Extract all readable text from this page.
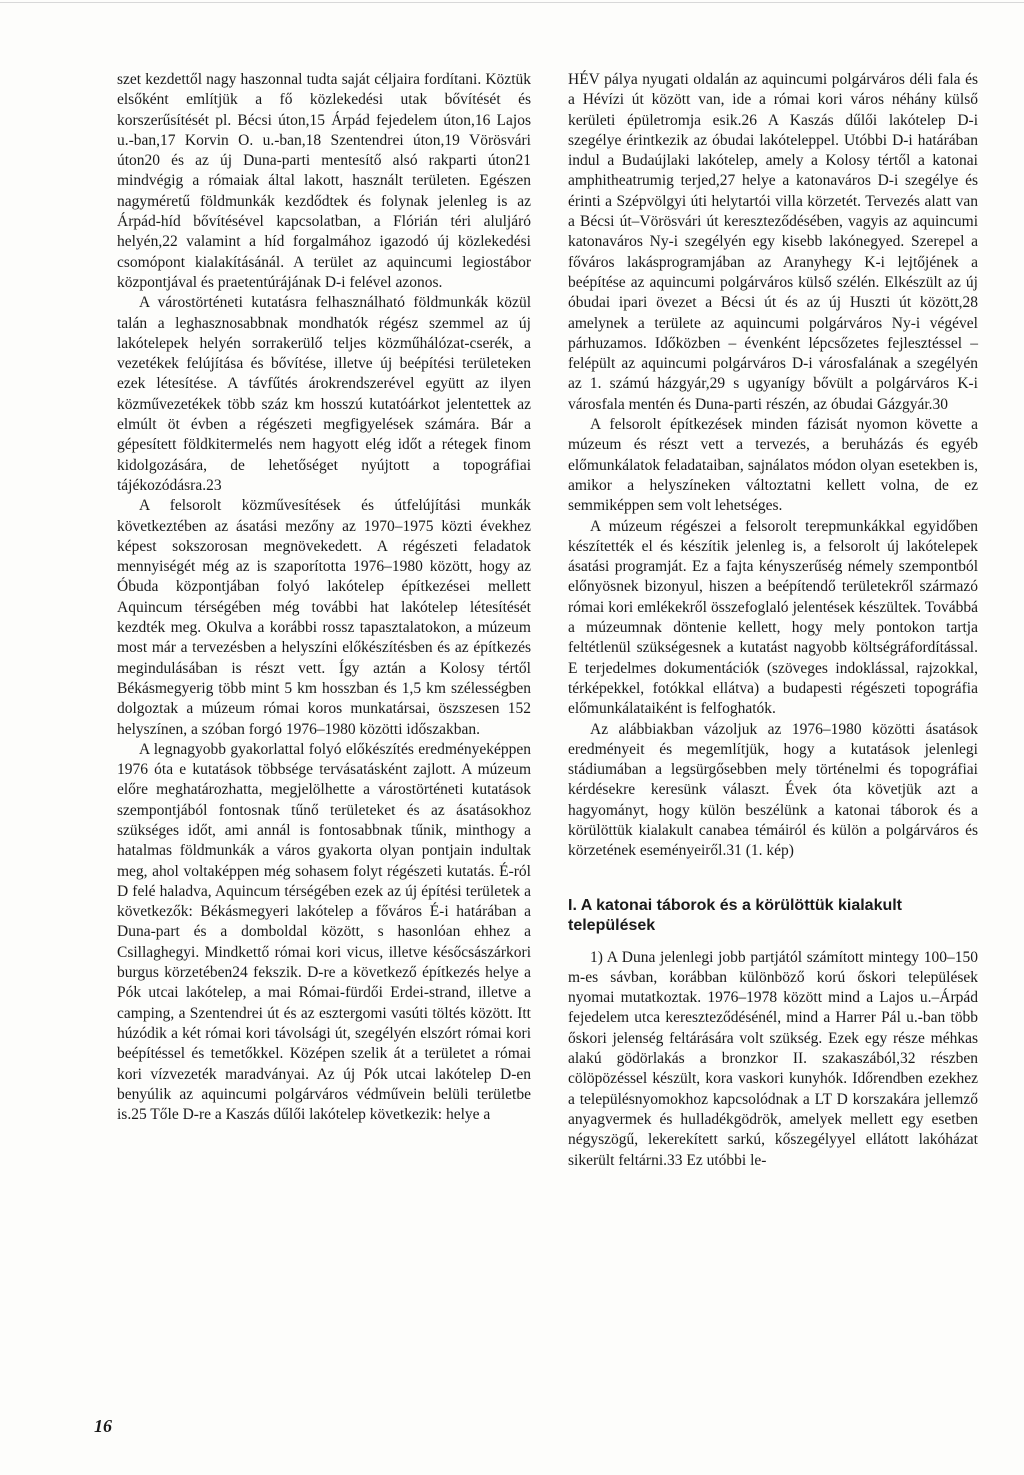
szet kezdettől nagy haszonnal tudta saját céljaira fordítani. Köztük elsőként említjük a fő közlekedési utak bővítését és korszerűsítését pl. Bécsi úton,15 Árpád fejedelem úton,16 Lajos u.-ban,17 Korvin O. u.-ban,18 Szentendrei úton,19 Vörösvári úton20 és az új Duna-parti mentesítő alsó rakparti úton21 mindvégig a rómaiak által lakott, használt területen. Egészen nagyméretű földmunkák kezdődtek és folynak jelenleg is az Árpád-híd bővítésével kapcsolatban, a Flórián téri aluljáró helyén,22 valamint a híd forgalmához igazodó új közlekedési csomópont kialakításánál. A terület az aquincumi legiostábor központjával és praetentúrájának D-i felével azonos.

A várostörténeti kutatásra felhasználható földmunkák közül talán a leghasznosabbnak mondhatók régész szemmel az új lakótelepek helyén sorrakerülő teljes közműhálózat-cserék, a vezetékek felújítása és bővítése, illetve új beépítési területeken ezek létesítése. A távfűtés árokrendszerével együtt az ilyen közművezetékek több száz km hosszú kutatóárkot jelentettek az elmúlt öt évben a régészeti megfigyelések számára. Bár a gépesített földkitermelés nem hagyott elég időt a rétegek finom kidolgozására, de lehetőséget nyújtott a topográfiai tájékozódásra.23

A felsorolt közművesítések és útfelújítási munkák következtében az ásatási mezőny az 1970–1975 közti évekhez képest sokszorosan megnövekedett. A régészeti feladatok mennyiségét még az is szaporította 1976–1980 között, hogy az Óbuda központjában folyó lakótelep építkezései mellett Aquincum térségében még további hat lakótelep létesítését kezdték meg. Okulva a korábbi rossz tapasztalatokon, a múzeum most már a tervezésben a helyszíni előkészítésben és az építkezés megindulásában is részt vett. Így aztán a Kolosy tértől Békásmegyerig több mint 5 km hosszban és 1,5 km szélességben dolgoztak a múzeum római koros munkatársai, öszszesen 152 helyszínen, a szóban forgó 1976–1980 közötti időszakban.

A legnagyobb gyakorlattal folyó előkészítés eredményeképpen 1976 óta e kutatások többsége tervásatásként zajlott. A múzeum előre meghatározhatta, megjelölhette a várostörténeti kutatások szempontjából fontosnak tűnő területeket és az ásatásokhoz szükséges időt, ami annál is fontosabbnak tűnik, minthogy a hatalmas földmunkák a város gyakorta olyan pontjain indultak meg, ahol voltaképpen még sohasem folyt régészeti kutatás. É-ról D felé haladva, Aquincum térségében ezek az új építési területek a következők: Békásmegyeri lakótelep a főváros É-i határában a Duna-part és a domboldal között, s hasonlóan ehhez a Csillaghegyi. Mindkettő római kori vicus, illetve későcsászárkori burgus körzetében24 fekszik. D-re a következő építkezés helye a Pók utcai lakótelep, a mai Római-fürdői Erdei-strand, illetve a camping, a Szentendrei út és az esztergomi vasúti töltés között. Itt húzódik a két római kori távolsági út, szegélyén elszórt római kori beépítéssel és temetőkkel. Középen szelik át a területet a római kori vízvezeték maradványai. Az új Pók utcai lakótelep D-en benyúlik az aquincumi polgárváros védművein belüli területbe is.25 Tőle D-re a Kaszás dűlői lakótelep következik: helye a

HÉV pálya nyugati oldalán az aquincumi polgárváros déli fala és a Hévízi út között van, ide a római kori város néhány külső kerületi épületromja esik.26 A Kaszás dűlői lakótelep D-i szegélye érintkezik az óbudai lakóteleppel. Utóbbi D-i határában indul a Budaújlaki lakótelep, amely a Kolosy tértől a katonai amphitheatrumig terjed,27 helye a katonaváros D-i szegélye és érinti a Szépvölgyi úti helytartói villa körzetét. Tervezés alatt van a Bécsi út–Vörösvári út kereszteződésében, vagyis az aquincumi katonaváros Ny-i szegélyén egy kisebb lakónegyed. Szerepel a főváros lakásprogramjában az Aranyhegy K-i lejtőjének a beépítése az aquincumi polgárváros külső szélén. Elkészült az új óbudai ipari övezet a Bécsi út és az új Huszti út között,28 amelynek a területe az aquincumi polgárváros Ny-i végével párhuzamos. Időközben – évenként lépcsőzetes fejlesztéssel – felépült az aquincumi polgárváros D-i városfalának a szegélyén az 1. számú házgyár,29 s ugyanígy bővült a polgárváros K-i városfala mentén és Duna-parti részén, az óbudai Gázgyár.30

A felsorolt építkezések minden fázisát nyomon követte a múzeum és részt vett a tervezés, a beruházás és egyéb előmunkálatok feladataiban, sajnálatos módon olyan esetekben is, amikor a helyszíneken változtatni kellett volna, de ez semmiképpen sem volt lehetséges.

A múzeum régészei a felsorolt terepmunkákkal egyidőben készítették el és készítik jelenleg is, a felsorolt új lakótelepek ásatási programját. Ez a fajta kényszerűség némely szempontból előnyösnek bizonyul, hiszen a beépítendő területekről származó római kori emlékekről összefoglaló jelentések készültek. Továbbá a múzeumnak döntenie kellett, hogy mely pontokon tartja feltétlenül szükségesnek a kutatást nagyobb költségráfordítással. E terjedelmes dokumentációk (szöveges indoklással, rajzokkal, térképekkel, fotókkal ellátva) a budapesti régészeti topográfia előmunkálataiként is felfoghatók.

Az alábbiakban vázoljuk az 1976–1980 közötti ásatások eredményeit és megemlítjük, hogy a kutatások jelenlegi stádiumában a legsürgősebben mely történelmi és topográfiai kérdésekre keresünk választ. Évek óta követjük azt a hagyományt, hogy külön beszélünk a katonai táborok és a körülöttük kialakult canabea témáiról és külön a polgárváros és körzetének eseményeiről.31 (1. kép)

I. A katonai táborok és a körülöttük kialakult települések

1) A Duna jelenlegi jobb partjától számított mintegy 100–150 m-es sávban, korábban különböző korú őskori települések nyomai mutatkoztak. 1976–1978 között mind a Lajos u.–Árpád fejedelem utca kereszteződésénél, mind a Harrer Pál u.-ban több őskori jelenség feltárására volt szükség. Ezek egy része méhkas alakú gödörlakás a bronzkor II. szakaszából,32 részben cölöpözéssel készült, kora vaskori kunyhók. Időrendben ezekhez a településnyomokhoz kapcsolódnak a LT D korszakára jellemző anyagvermek és hulladékgödrök, amelyek mellett egy esetben négyszögű, lekerekített sarkú, kőszegélyyel ellátott lakóházat sikerült feltárni.33 Ez utóbbi le-

16
